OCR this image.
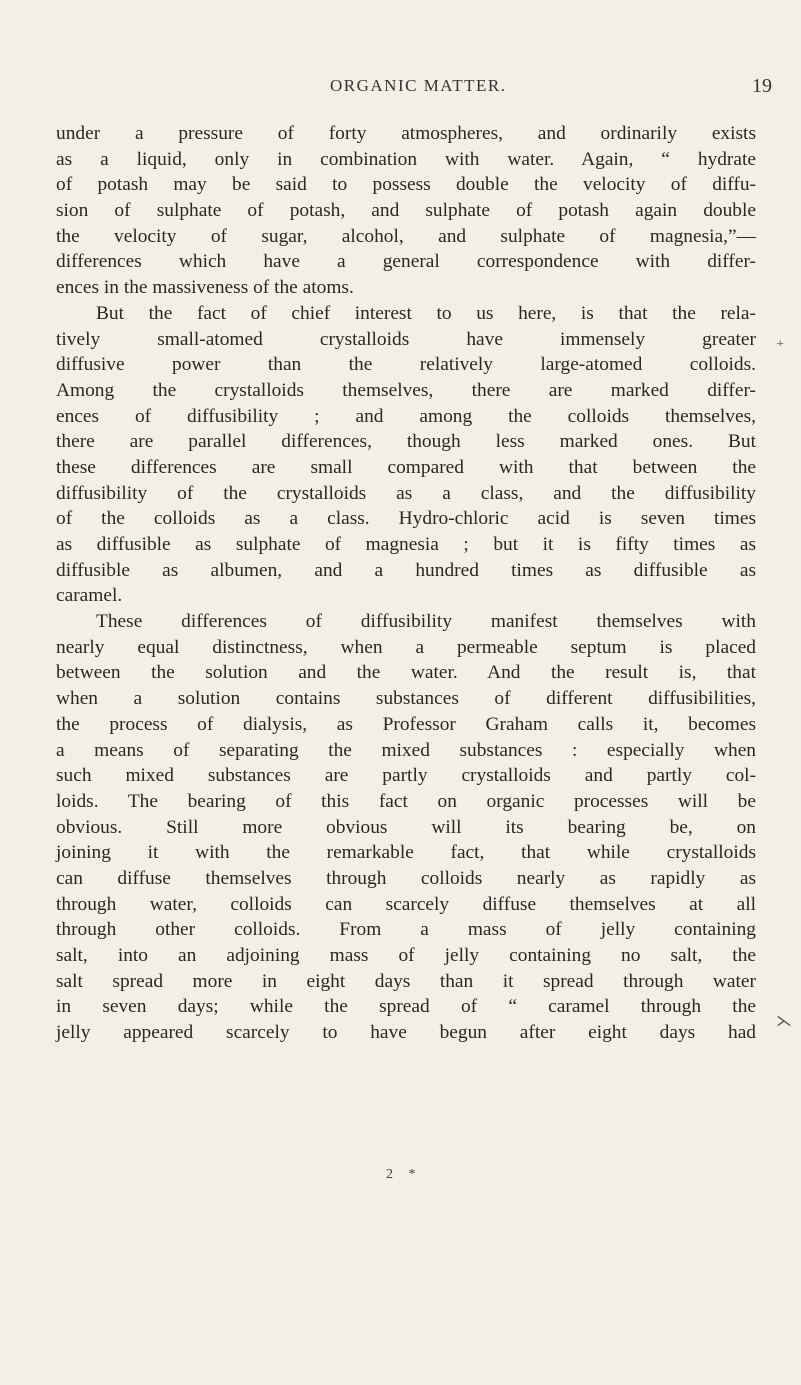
ORGANIC MATTER.	19
under a pressure of forty atmospheres, and ordinarily exists
as a liquid, only in combination with water. Again, “ hydrate
of potash may be said to possess double the velocity of diffu-
sion of sulphate of potash, and sulphate of potash again double
the velocity of sugar, alcohol, and sulphate of magnesia,”—
differences which have a general correspondence with differ-
ences in the massiveness of the atoms.
But the fact of chief interest to us here, is that the rela-
tively small-atomed crystalloids have immensely greater
diffusive power than the relatively large-atomed colloids.
Among the crystalloids themselves, there are marked differ-
ences of diffusibility ; and among the colloids themselves,
there are parallel differences, though less marked ones. But
these differences are small compared with that between the
diffusibility of the crystalloids as a class, and the diffusibility
of the colloids as a class. Hydro-chloric acid is seven times
as diffusible as sulphate of magnesia ; but it is fifty times as
diffusible as albumen, and a hundred times as diffusible as
caramel.
These differences of diffusibility manifest themselves with
nearly equal distinctness, when a permeable septum is placed
between the solution and the water. And the result is, that
when a solution contains substances of different diffusibilities,
the process of dialysis, as Professor Graham calls it, becomes
a means of separating the mixed substances : especially when
such mixed substances are partly crystalloids and partly col-
loids. The bearing of this fact on organic processes will be
obvious. Still more obvious will its bearing be, on
joining it with the remarkable fact, that while crystalloids
can diffuse themselves through colloids nearly as rapidly as
through water, colloids can scarcely diffuse themselves at all
through other colloids. From a mass of jelly containing
salt, into an adjoining mass of jelly containing no salt, the
salt spread more in eight days than it spread through water
in seven days; while the spread of “ caramel through the
jelly appeared scarcely to have begun after eight days had
2 *
⁺
⋋
